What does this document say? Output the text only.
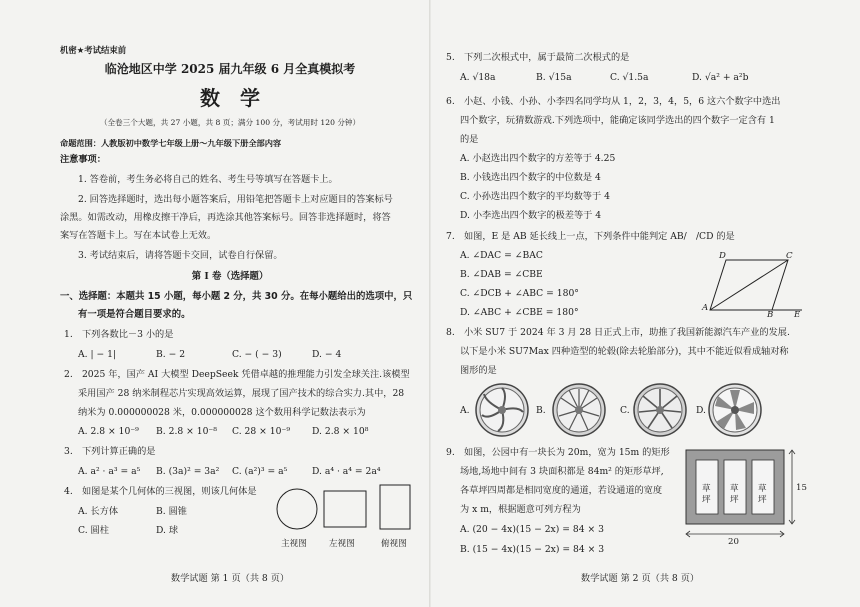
机密★考试结束前
临沧地区中学 2025 届九年级 6 月全真模拟考
数　学
（全卷三个大题，共 27 小题，共 8 页；满分 100 分，考试用时 120 分钟）
命题范围：人教版初中数学七年级上册～九年级下册全部内容
注意事项：
1. 答卷前，考生务必将自己的姓名、考生号等填写在答题卡上。
2. 回答选择题时，选出每小题答案后，用铅笔把答题卡上对应题目的答案标号
涂黑。如需改动，用橡皮擦干净后，再选涂其他答案标号。回答非选择题时，将答
案写在答题卡上。写在本试卷上无效。
3. 考试结束后，请将答题卡交回，试卷自行保留。
第 Ⅰ 卷（选择题）
一、选择题：本题共 15 小题，每小题 2 分，共 30 分。在每小题给出的选项中，只
有一项是符合题目要求的。
1.　下列各数比－3 小的是
A. | − 1|	B. − 2	C. − ( − 3)	D. − 4
2.　2025 年，国产 AI 大模型 DeepSeek 凭借卓越的推理能力引发全球关注.该模型
采用国产 28 纳米制程芯片实现高效运算，展现了国产技术的综合实力.其中，28
纳米为 0.000000028 米，0.000000028 这个数用科学记数法表示为
A. 2.8 × 10⁻⁹ B. 2.8 × 10⁻⁸ C. 28 × 10⁻⁹ D. 2.8 × 10⁸
3.　下列计算正确的是
A. a² · a³ = a⁵ B. (3a)² = 3a² C. (a²)³ = a⁵	D. a⁴ · a⁴ = 2a⁴
4.　如图是某个几何体的三视图，则该几何体是
A. 长方体	B. 圆锥
C. 圆柱	D. 球
主视图	左视图	俯视图
数学试题 第 1 页（共 8 页）
5.　下列二次根式中，属于最简二次根式的是
A. √18a	B. √15a	C. √1.5a	D. √a² + a²b
6.　小赵、小钱、小孙、小李四名同学均从 1，2，3，4，5，6 这六个数字中选出
四个数字，玩猜数游戏.下列选项中，能确定该同学选出的四个数字一定含有 1
的是
A. 小赵选出四个数字的方差等于 4.25
B. 小钱选出四个数字的中位数是 4
C. 小孙选出四个数字的平均数等于 4
D. 小李选出四个数字的极差等于 4
7.　如图，E 是 AB 延长线上一点，下列条件中能判定 AB/　/CD 的是
A. ∠DAC = ∠BAC
B. ∠DAB = ∠CBE
C. ∠DCB + ∠ABC = 180°
D. ∠ABC + ∠CBE = 180°
D	C
A
B E
8.　小米 SU7 于 2024 年 3 月 28 日正式上市，助推了我国新能源汽车产业的发展.
以下是小米 SU7Max 四种造型的轮毂(除去轮胎部分)，其中不能近似看成轴对称
图形的是
A.	B.	C.	D.
9.　如图，公园中有一块长为 20m，宽为 15m 的矩形
场地,场地中间有 3 块面积都是 84m² 的矩形草坪,
各草坪四周都是相同宽度的通道，若设通道的宽度
为 x m，根据题意可列方程为
A. (20 − 4x)(15 − 2x) = 84 × 3
B. (15 − 4x)(15 − 2x) = 84 × 3
草坪
草坪
草坪
20
15
数学试题 第 2 页（共 8 页）
